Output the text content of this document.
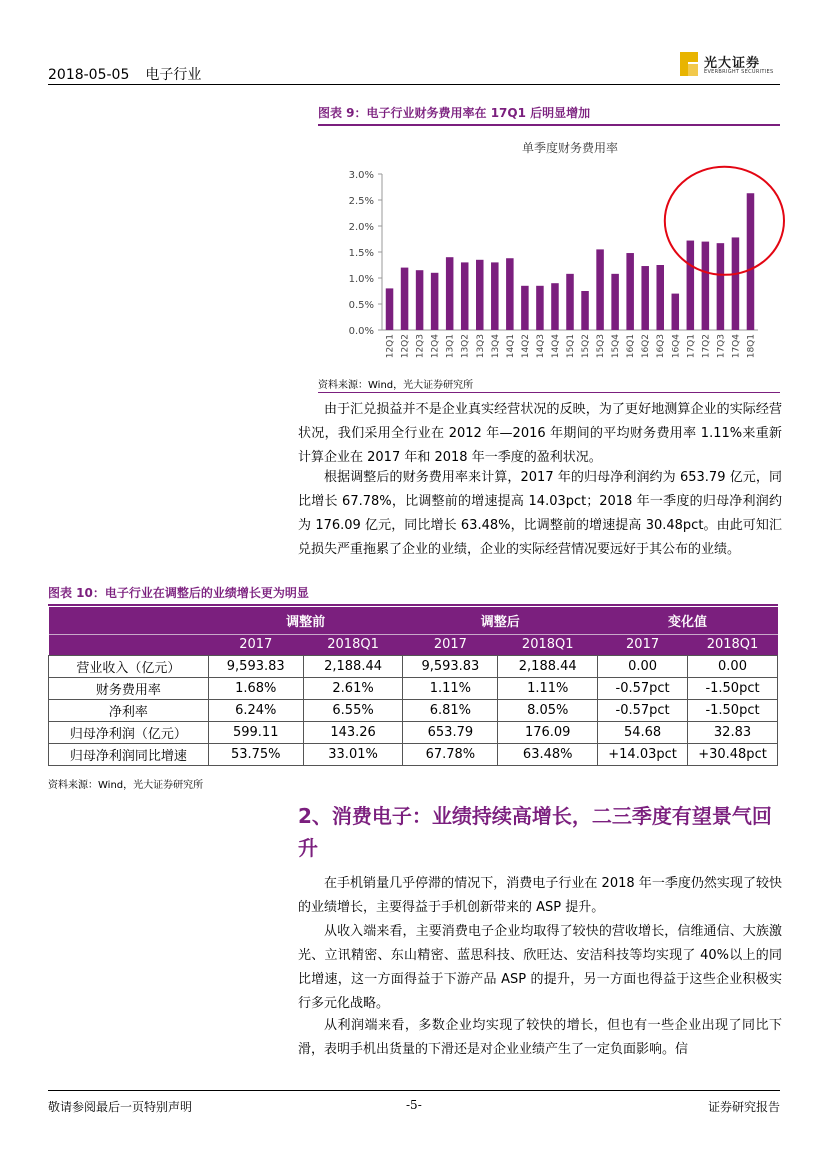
2018-05-05 电子行业
光大证券
EVERBRIGHT SECURITIES
图表 9：电子行业财务费用率在 17Q1 后明显增加
单季度财务费用率
0.0%
0.5%
1.0%
1.5%
2.0%
2.5%
3.0%
12Q1 12Q2 12Q3 12Q4 13Q1 13Q2 13Q3 13Q4 14Q1 14Q2 14Q3 14Q4 15Q1 15Q2 15Q3 15Q4 16Q1 16Q2 16Q3 16Q4 17Q1 17Q2 17Q3 17Q4 18Q1
资料来源：Wind，光大证券研究所
由于汇兑损益并不是企业真实经营状况的反映，为了更好地测算企业的实际经营状况，我们采用全行业在 2012 年—2016 年期间的平均财务费用率 1.11%来重新计算企业在 2017 年和 2018 年一季度的盈利状况。
根据调整后的财务费用率来计算，2017 年的归母净利润约为 653.79 亿元，同比增长 67.78%，比调整前的增速提高 14.03pct；2018 年一季度的归母净利润约为 176.09 亿元，同比增长 63.48%，比调整前的增速提高 30.48pct。由此可知汇兑损失严重拖累了企业的业绩，企业的实际经营情况要远好于其公布的业绩。
图表 10：电子行业在调整后的业绩增长更为明显
	调整前		调整后		变化值	
	2017	2018Q1	2017	2018Q1	2017	2018Q1
营业收入（亿元）	9,593.83	2,188.44	9,593.83	2,188.44	0.00	0.00
财务费用率	1.68%	2.61%	1.11%	1.11%	-0.57pct	-1.50pct
净利率	6.24%	6.55%	6.81%	8.05%	-0.57pct	-1.50pct
归母净利润（亿元）	599.11	143.26	653.79	176.09	54.68	32.83
归母净利润同比增速	53.75%	33.01%	67.78%	63.48%	+14.03pct	+30.48pct
资料来源：Wind，光大证券研究所
2、消费电子：业绩持续高增长，二三季度有望景气回升
在手机销量几乎停滞的情况下，消费电子行业在 2018 年一季度仍然实现了较快的业绩增长，主要得益于手机创新带来的 ASP 提升。
从收入端来看，主要消费电子企业均取得了较快的营收增长，信维通信、大族激光、立讯精密、东山精密、蓝思科技、欣旺达、安洁科技等均实现了 40%以上的同比增速，这一方面得益于下游产品 ASP 的提升，另一方面也得益于这些企业积极实行多元化战略。
从利润端来看，多数企业均实现了较快的增长，但也有一些企业出现了同比下滑，表明手机出货量的下滑还是对企业业绩产生了一定负面影响。信
敬请参阅最后一页特别声明	-5-	证券研究报告
